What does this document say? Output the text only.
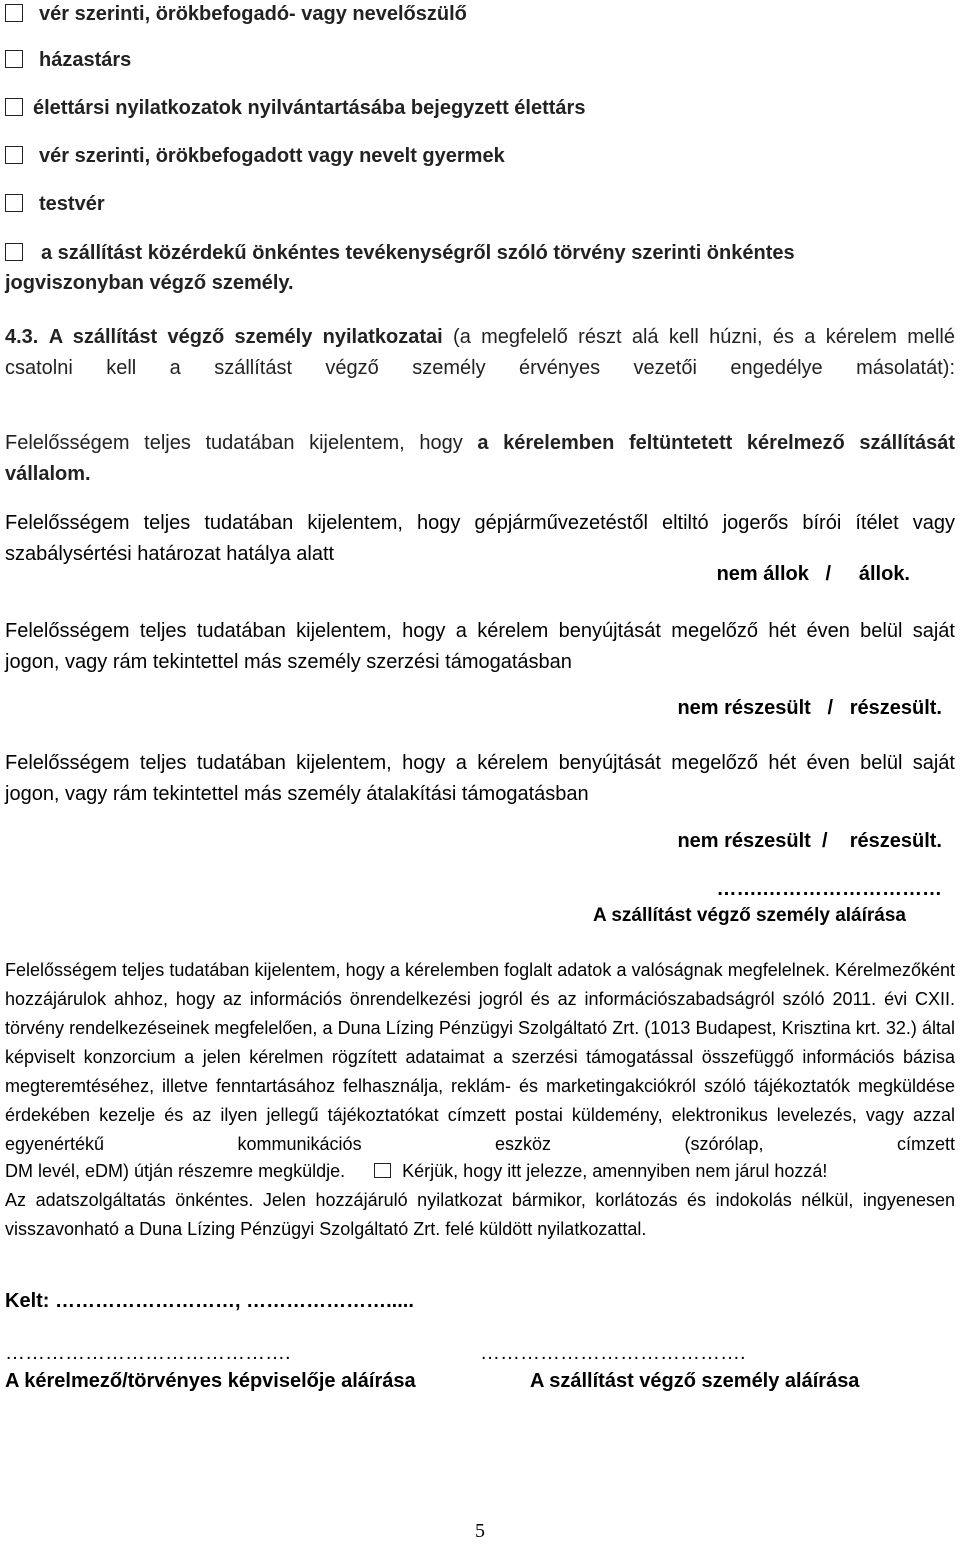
vér szerinti, örökbefogadó- vagy nevelőszülő
házastárs
élettársi nyilatkozatok nyilvántartásába bejegyzett élettárs
vér szerinti, örökbefogadott vagy nevelt gyermek
testvér
a szállítást közérdekű önkéntes tevékenységről szóló törvény szerinti önkéntes
jogviszonyban végző személy.
4.3. A szállítást végző személy nyilatkozatai (a megfelelő részt alá kell húzni, és a kérelem mellé csatolni kell a szállítást végző személy érvényes vezetői engedélye másolatát):
Felelősségem teljes tudatában kijelentem, hogy a kérelemben feltüntetett kérelmező szállítását vállalom.
Felelősségem teljes tudatában kijelentem, hogy gépjárművezetéstől eltiltó jogerős bírói ítélet vagy szabálysértési határozat hatálya alatt
nem állok   /     állok.
Felelősségem teljes tudatában kijelentem, hogy a kérelem benyújtását megelőző hét éven belül saját jogon, vagy rám tekintettel más személy szerzési támogatásban
nem részesült   /   részesült.
Felelősségem teljes tudatában kijelentem, hogy a kérelem benyújtását megelőző hét éven belül saját jogon, vagy rám tekintettel más személy átalakítási támogatásban
nem részesült  /    részesült.
…….………………………
A szállítást végző személy aláírása
Felelősségem teljes tudatában kijelentem, hogy a kérelemben foglalt adatok a valóságnak megfelelnek. Kérelmezőként hozzájárulok ahhoz, hogy az információs önrendelkezési jogról és az információszabadságról szóló 2011. évi CXII. törvény rendelkezéseinek megfelelően, a Duna Lízing Pénzügyi Szolgáltató Zrt. (1013 Budapest, Krisztina krt. 32.) által képviselt konzorcium a jelen kérelmen rögzített adataimat a szerzési támogatással összefüggő információs bázisa megteremtéséhez, illetve fenntartásához felhasználja, reklám- és marketingakciókról szóló tájékoztatók megküldése érdekében kezelje és az ilyen jellegű tájékoztatókat címzett postai küldemény, elektronikus levelezés, vagy azzal egyenértékű kommunikációs eszköz (szórólap, címzett
DM levél, eDM) útján részemre megküldje.	Kérjük, hogy itt jelezze, amennyiben nem járul hozzá!
Az adatszolgáltatás önkéntes. Jelen hozzájáruló nyilatkozat bármikor, korlátozás és indokolás nélkül, ingyenesen visszavonható a Duna Lízing Pénzügyi Szolgáltató Zrt. felé küldött nyilatkozattal.
Kelt: ………………………, ………………….....
…………………………………….	………………………………….
A kérelmező/törvényes képviselője aláírása	A szállítást végző személy aláírása
5
